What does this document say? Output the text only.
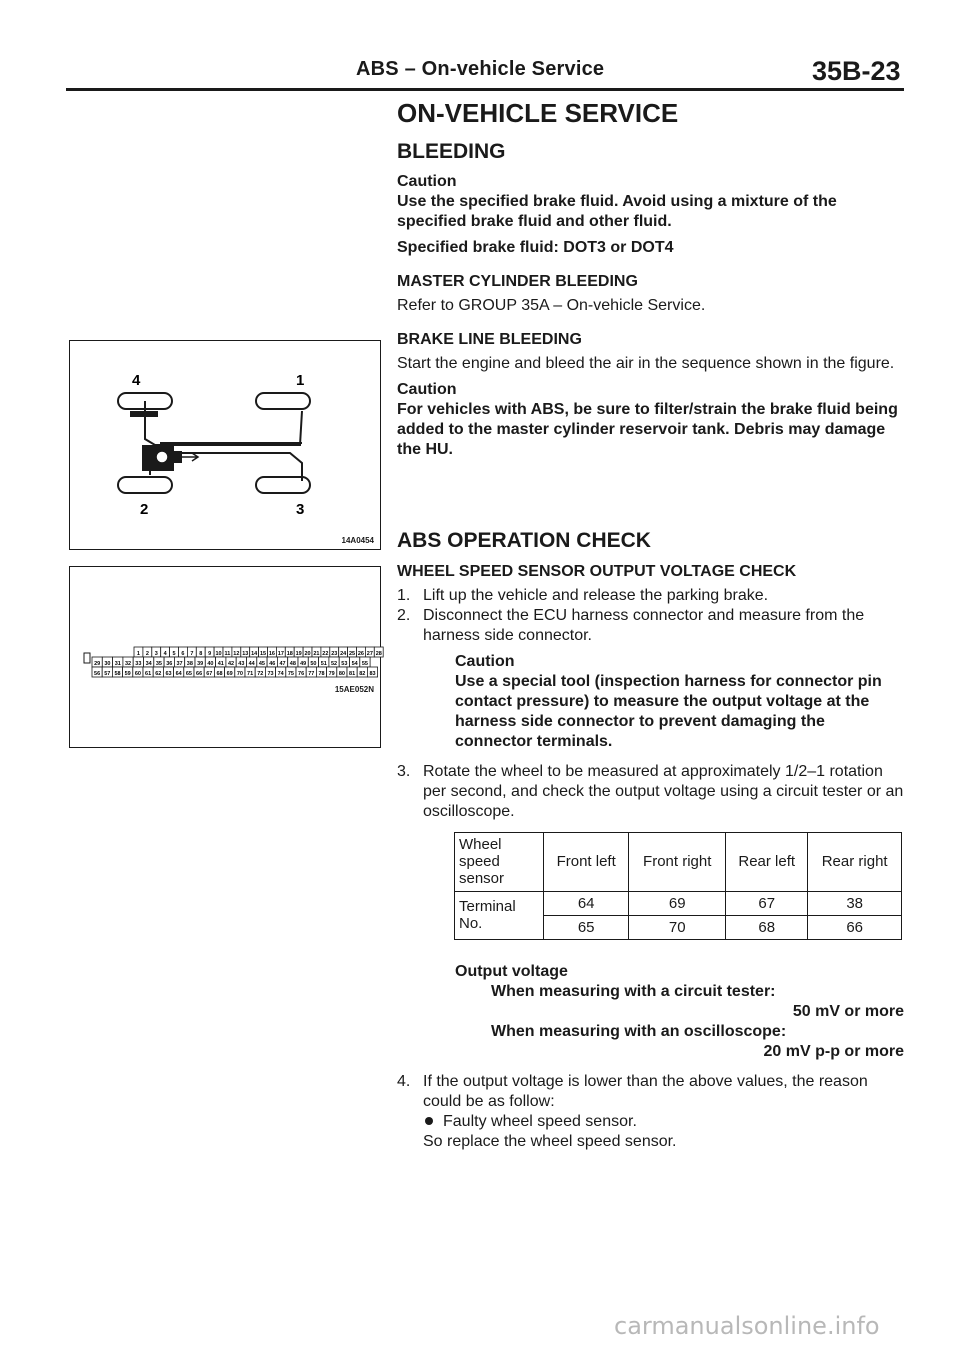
ABS – On-vehicle Service	35B-23
4	1
2	3
14A0454
1 2 3 4 5 6 7 8 9 10 11 12 13 14 15 16 17 18 19 20 21 22 23 24 25 26 27 28
29 30 31 32 33 34 35 36 37 38 39 40 41 42 43 44 45 46 47 48 49 50 51 52 53 54 55
56 57 58 59 60 61 62 63 64 65 66 67 68 69 70 71 72 73 74 75 76 77 78 79 80 81 82 83
15AE052N
ON-VEHICLE SERVICE
BLEEDING

Caution

Use the specified brake fluid. Avoid using a mixture of the specified brake fluid and other fluid.

Specified brake fluid: DOT3 or DOT4

MASTER CYLINDER BLEEDING

Refer to GROUP 35A – On-vehicle Service.

BRAKE LINE BLEEDING

Start the engine and bleed the air in the sequence shown in the figure.

Caution

For vehicles with ABS, be sure to filter/strain the brake fluid being added to the master cylinder reservoir tank. Debris may damage the HU.

ABS OPERATION CHECK

WHEEL SPEED SENSOR OUTPUT VOLTAGE CHECK

1. Lift up the vehicle and release the parking brake.
2. Disconnect the ECU harness connector and measure from the harness side connector.

Caution

Use a special tool (inspection harness for connector pin contact pressure) to measure the output voltage at the harness side connector to prevent damaging the connector terminals.

3. Rotate the wheel to be measured at approximately 1/2–1 rotation per second, and check the output voltage using a circuit tester or an oscilloscope.
Wheel speed sensor	Front left	Front right	Rear left	Rear right
Terminal No.	64	69	67	38
	65	70	68	66

Output voltage

When measuring with a circuit tester:

50 mV or more

When measuring with an oscilloscope:

20 mV p-p or more

4. If the output voltage is lower than the above values, the reason could be as follow:

Faulty wheel speed sensor.

So replace the wheel speed sensor.

carmanualsonline.info
